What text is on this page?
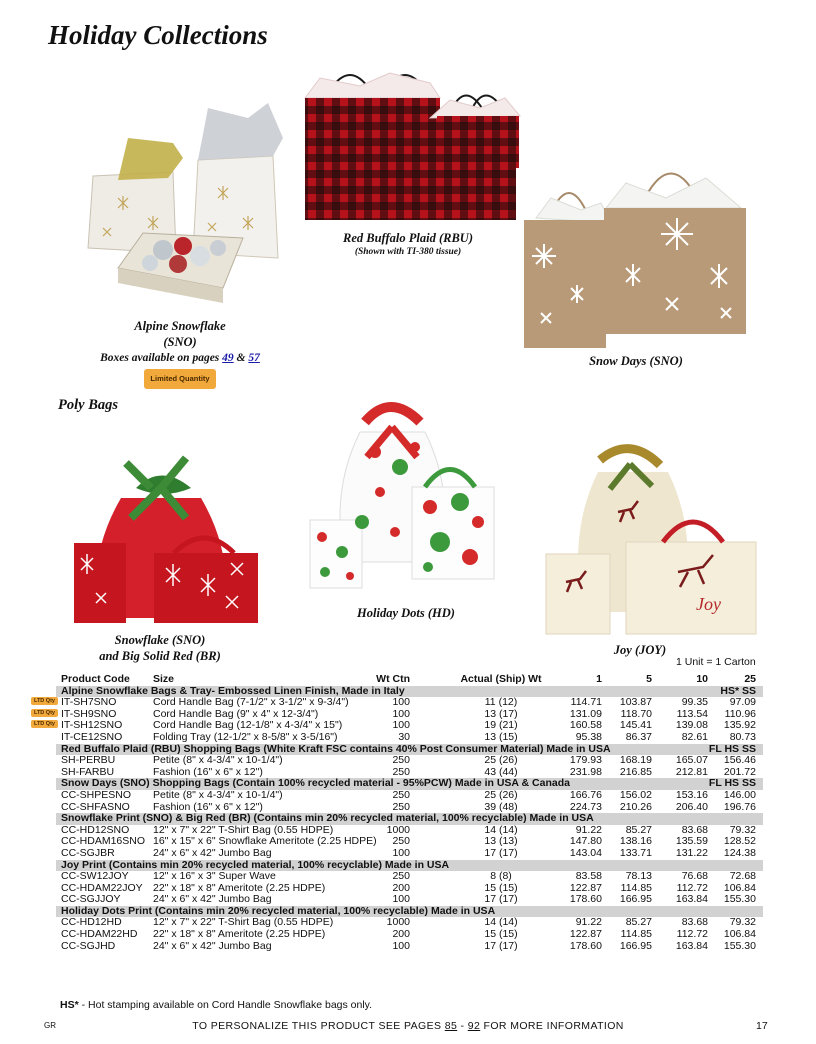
Holiday Collections
Red Buffalo Plaid (RBU)
(Shown with TI-380 tissue)
Alpine Snowflake
(SNO)
Boxes available on pages 49 & 57
Limited Quantity
Snow Days (SNO)
Poly Bags
Joy
Snowflake (SNO)
and Big Solid Red (BR)
Holiday Dots (HD)
Joy (JOY)
1 Unit = 1 Carton
Product Code Size	Wt Ctn	Actual (Ship) Wt	1	5	10	25
Alpine Snowflake Bags & Tray- Embossed Linen Finish, Made in Italy	HS* SS
LTD Qty IT-SH7SNO	Cord Handle Bag (7-1/2" x 3-1/2" x 9-3/4")	100	11 (12)	114.71	103.87	99.35	97.09
LTD Qty IT-SH9SNO	Cord Handle Bag (9" x 4" x 12-3/4")	100	13 (17)	131.09	118.70	113.54	110.96
LTD Qty IT-SH12SNO	Cord Handle Bag (12-1/8" x 4-3/4" x 15")	100	19 (21)	160.58	145.41	139.08	135.92
IT-CE12SNO	Folding Tray (12-1/2" x 8-5/8" x 3-5/16")	30	13 (15)	95.38	86.37	82.61	80.73
Red Buffalo Plaid (RBU) Shopping Bags (White Kraft FSC contains 40% Post Consumer Material) Made in USA	FL HS SS
SH-PERBU	Petite (8" x 4-3/4" x 10-1/4")	250	25 (26)	179.93	168.19	165.07	156.46
SH-FARBU	Fashion (16" x 6" x 12")	250	43 (44)	231.98	216.85	212.81	201.72
Snow Days (SNO) Shopping Bags (Contain 100% recycled material - 95%PCW) Made in USA & Canada	FL HS SS
CC-SHPESNO Petite (8" x 4-3/4" x 10-1/4")	250	25 (26)	166.76	156.02	153.16	146.00
CC-SHFASNO Fashion (16" x 6" x 12")	250	39 (48)	224.73	210.26	206.40	196.76
Snowflake Print (SNO) & Big Red (BR) (Contains min 20% recycled material, 100% recyclable) Made in USA
CC-HD12SNO 12" x 7" x 22" T-Shirt Bag (0.55 HDPE)	1000	14 (14)	91.22	85.27	83.68	79.32
CC-HDAM16SNO 16" x 15" x 6" Snowflake Ameritote (2.25 HDPE)	250	13 (13)	147.80	138.16	135.59	128.52
CC-SGJBR	24" x 6" x 42" Jumbo Bag	100	17 (17)	143.04	133.71	131.22	124.38
Joy Print (Contains min 20% recycled material, 100% recyclable) Made in USA
CC-SW12JOY 12" x 16" x 3" Super Wave	250	8 (8)	83.58	78.13	76.68	72.68
CC-HDAM22JOY 22" x 18" x 8" Ameritote (2.25 HDPE)	200	15 (15)	122.87	114.85	112.72	106.84
CC-SGJJOY	24" x 6" x 42" Jumbo Bag	100	17 (17)	178.60	166.95	163.84	155.30
Holiday Dots Print (Contains min 20% recycled material, 100% recyclable) Made in USA
CC-HD12HD	12" x 7" x 22" T-Shirt Bag (0.55 HDPE)	1000	14 (14)	91.22	85.27	83.68	79.32
CC-HDAM22HD 22" x 18" x 8" Ameritote (2.25 HDPE)	200	15 (15)	122.87	114.85	112.72	106.84
CC-SGJHD	24" x 6" x 42" Jumbo Bag	100	17 (17)	178.60	166.95	163.84	155.30
HS* - Hot stamping available on Cord Handle Snowflake bags only.
GR	TO PERSONALIZE THIS PRODUCT SEE PAGES 85 - 92 FOR MORE INFORMATION	17
